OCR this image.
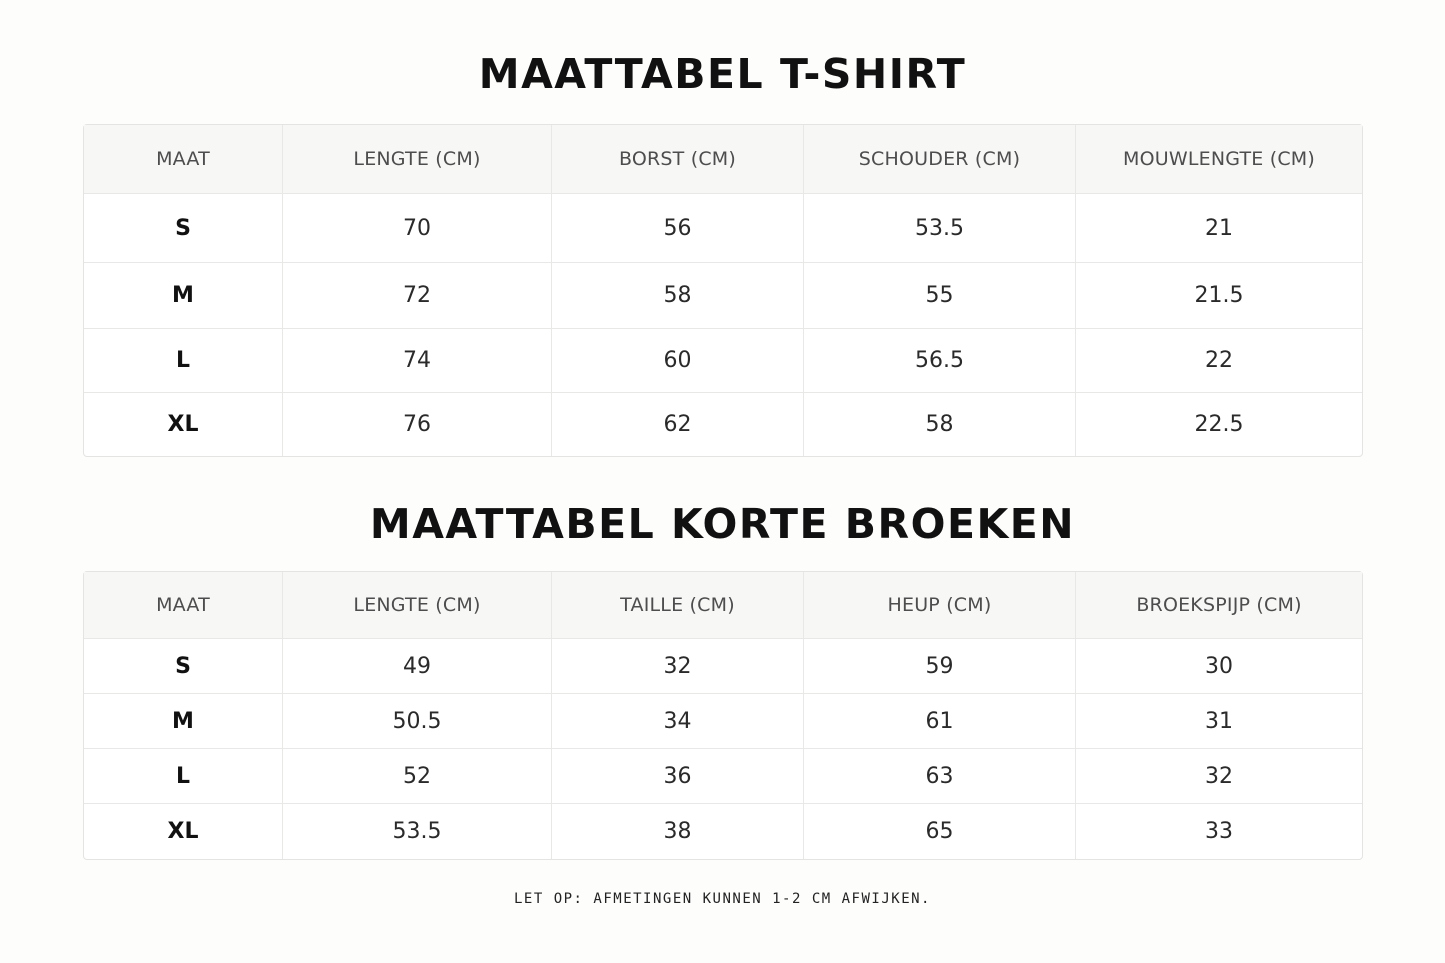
MAATTABEL T-SHIRT
MAAT	LENGTE (CM)	BORST (CM)	SCHOUDER (CM)	MOUWLENGTE (CM)
S	70	56	53.5	21
M	72	58	55	21.5
L	74	60	56.5	22
XL	76	62	58	22.5
MAATTABEL KORTE BROEKEN
MAAT	LENGTE (CM)	TAILLE (CM)	HEUP (CM)	BROEKSPIJP (CM)
S	49	32	59	30
M	50.5	34	61	31
L	52	36	63	32
XL	53.5	38	65	33

LET OP: AFMETINGEN KUNNEN 1-2 CM AFWIJKEN.
